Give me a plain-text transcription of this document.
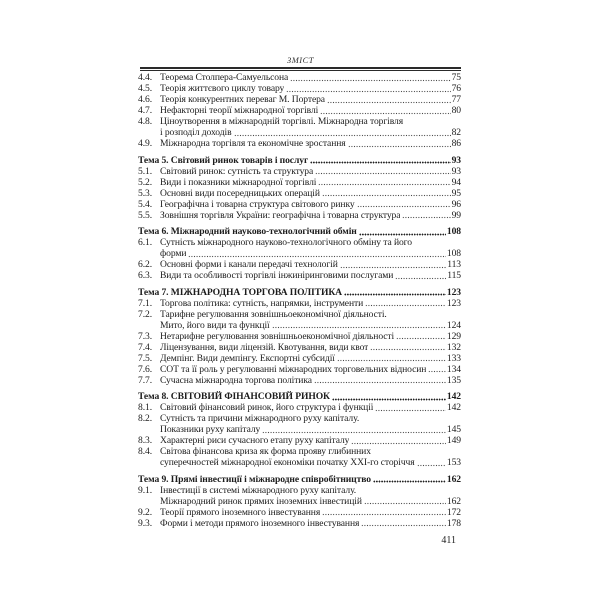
ЗМІСТ
4.4. Теорема Столпера-Самуельсона	75
4.5. Теорія життєвого циклу товару	76
4.6. Теорія конкурентних переваг М. Портера	77
4.7. Нефакторні теорії міжнародної торгівлі	80
4.8. Ціноутворення в міжнародній торгівлі. Міжнародна торгівля
і розподіл доходів	82
4.9. Міжнародна торгівля та економічне зростання	86
Тема 5. Світовий ринок товарів і послуг	93
5.1. Світовий ринок: сутність та структура	93
5.2. Види і показники міжнародної торгівлі	94
5.3. Основні види посередницьких операцій	95
5.4. Географічна і товарна структура світового ринку	96
5.5. Зовнішня торгівля України: географічна і товарна структура	99
Тема 6. Міжнародний науково-технологічний обмін	108
6.1. Сутність міжнародного науково-технологічного обміну та його
форми	108
6.2. Основні форми і канали передачі технологій	113
6.3. Види та особливості торгівлі інжиніринговими послугами	115
Тема 7. МІЖНАРОДНА ТОРГОВА ПОЛІТИКА	123
7.1. Торгова політика: сутність, напрямки, інструменти	123
7.2. Тарифне регулювання зовнішньоекономічної діяльності.
Мито, його види та функції	124
7.3. Нетарифне регулювання зовнішньоекономічної діяльності	129
7.4. Ліцензування, види ліцензій. Квотування, види квот	132
7.5. Демпінг. Види демпінгу. Експортні субсидії	133
7.6. СОТ та її роль у регулюванні міжнародних торговельних відносин 134
7.7. Сучасна міжнародна торгова політика	135
Тема 8. СВІТОВИЙ ФІНАНСОВИЙ РИНОК	142
8.1. Світовий фінансовий ринок, його структура і функції	142
8.2. Сутність та причини міжнародного руху капіталу.
Показники руху капіталу	145
8.3. Характерні риси сучасного етапу руху капіталу	149
8.4. Світова фінансова криза як форма прояву глибинних
суперечностей міжнародної економіки початку XXI-го сторіччя	153
Тема 9. Прямі інвестиції і міжнародне співробітництво	162
9.1. Інвестиції в системі міжнародного руху капіталу.
Міжнародний ринок прямих іноземних інвестицій	162
9.2. Теорії прямого іноземного інвестування	172
9.3. Форми і методи прямого іноземного інвестування	178
411
